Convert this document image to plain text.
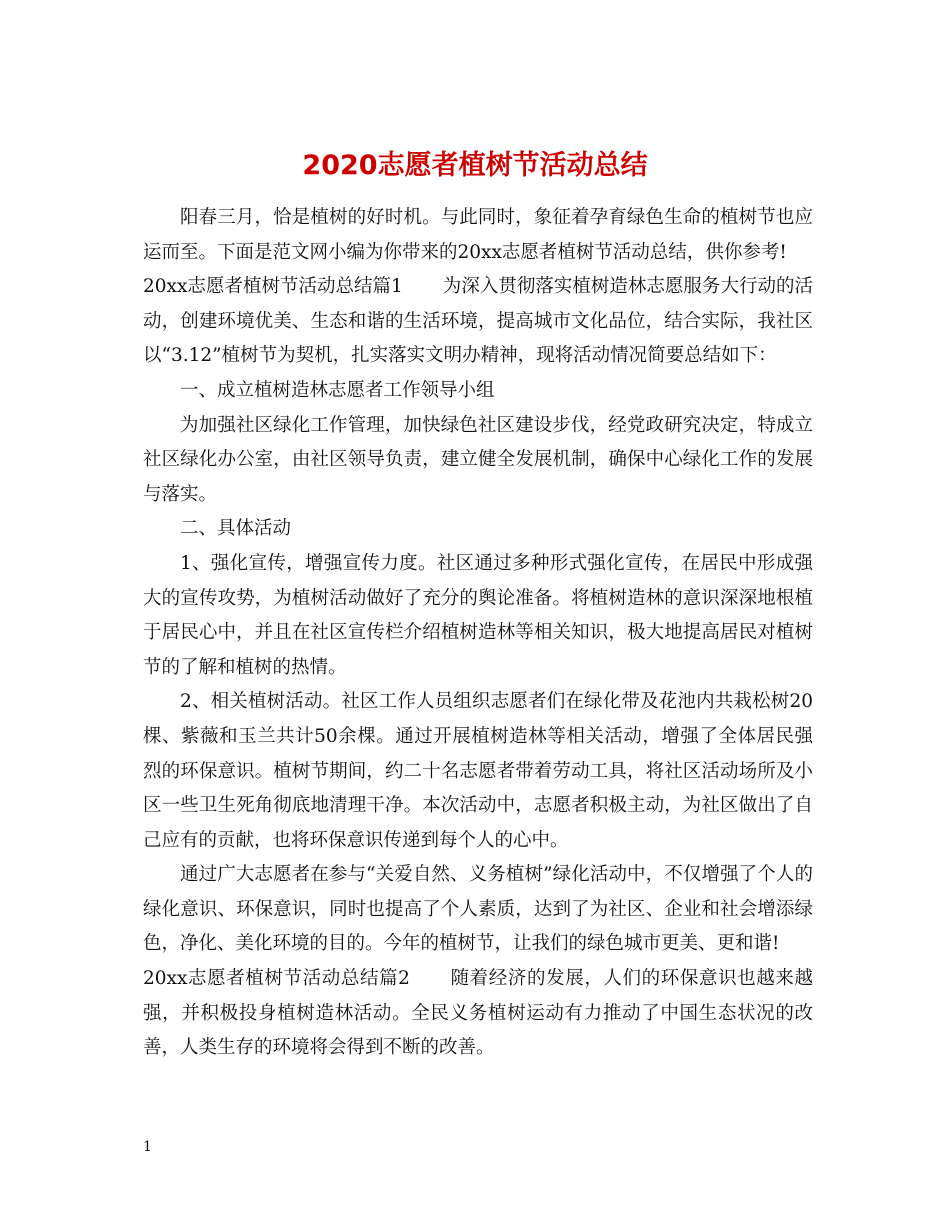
2020志愿者植树节活动总结

阳春三月，恰是植树的好时机。与此同时，象征着孕育绿色生命的植树节也应运而至。下面是范文网小编为你带来的20xx志愿者植树节活动总结，供你参考!

20xx志愿者植树节活动总结篇1 为深入贯彻落实植树造林志愿服务大行动的活动，创建环境优美、生态和谐的生活环境，提高城市文化品位，结合实际，我社区以“3.12”植树节为契机，扎实落实文明办精神，现将活动情况简要总结如下：

一、成立植树造林志愿者工作领导小组

为加强社区绿化工作管理，加快绿色社区建设步伐，经党政研究决定，特成立社区绿化办公室，由社区领导负责，建立健全发展机制，确保中心绿化工作的发展与落实。

二、具体活动

1、强化宣传，增强宣传力度。社区通过多种形式强化宣传，在居民中形成强大的宣传攻势，为植树活动做好了充分的舆论准备。将植树造林的意识深深地根植于居民心中，并且在社区宣传栏介绍植树造林等相关知识，极大地提高居民对植树节的了解和植树的热情。

2、相关植树活动。社区工作人员组织志愿者们在绿化带及花池内共栽松树20棵、紫薇和玉兰共计50余棵。通过开展植树造林等相关活动，增强了全体居民强烈的环保意识。植树节期间，约二十名志愿者带着劳动工具，将社区活动场所及小区一些卫生死角彻底地清理干净。本次活动中，志愿者积极主动，为社区做出了自己应有的贡献，也将环保意识传递到每个人的心中。

通过广大志愿者在参与“关爱自然、义务植树”绿化活动中，不仅增强了个人的绿化意识、环保意识，同时也提高了个人素质，达到了为社区、企业和社会增添绿色，净化、美化环境的目的。今年的植树节，让我们的绿色城市更美、更和谐!

20xx志愿者植树节活动总结篇2 随着经济的发展，人们的环保意识也越来越强，并积极投身植树造林活动。全民义务植树运动有力推动了中国生态状况的改善，人类生存的环境将会得到不断的改善。

1
